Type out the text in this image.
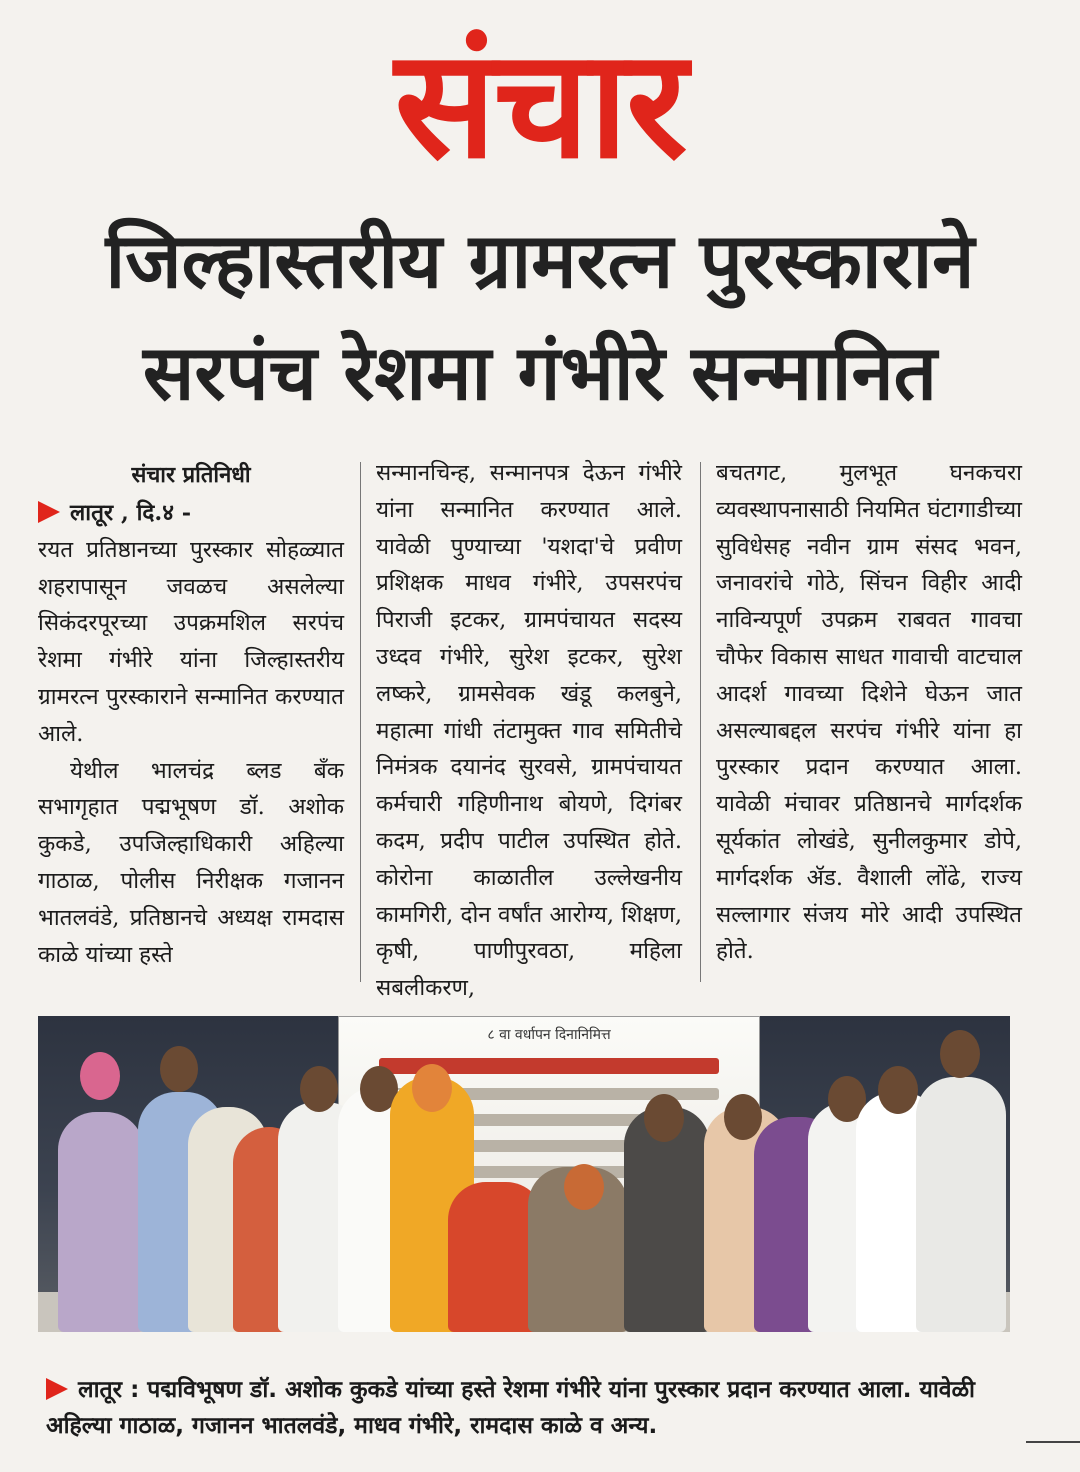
संचार
जिल्हास्तरीय ग्रामरत्न पुरस्काराने
सरपंच रेशमा गंभीरे सन्मानित
संचार प्रतिनिधी

लातूर , दि.४ -

रयत प्रतिष्ठानच्या पुरस्कार सोहळ्यात शहरापासून जवळच असलेल्या सिकंदरपूरच्या उपक्रमशिल सरपंच रेशमा गंभीरे यांना जिल्हास्तरीय ग्रामरत्न पुरस्काराने सन्मानित करण्यात आले.

येथील भालचंद्र ब्लड बँक सभागृहात पद्मभूषण डॉ. अशोक कुकडे, उपजिल्हाधिकारी अहिल्या गाठाळ, पोलीस निरीक्षक गजानन भातलवंडे, प्रतिष्ठानचे अध्यक्ष रामदास काळे यांच्या हस्ते

सन्मानचिन्ह, सन्मानपत्र देऊन गंभीरे यांना सन्मानित करण्यात आले. यावेळी पुण्याच्या 'यशदा'चे प्रवीण प्रशिक्षक माधव गंभीरे, उपसरपंच पिराजी इटकर, ग्रामपंचायत सदस्य उध्दव गंभीरे, सुरेश इटकर, सुरेश लष्करे, ग्रामसेवक खंडू कलबुने, महात्मा गांधी तंटामुक्त गाव समितीचे निमंत्रक दयानंद सुरवसे, ग्रामपंचायत कर्मचारी गहिणीनाथ बोयणे, दिगंबर कदम, प्रदीप पाटील उपस्थित होते. कोरोना काळातील उल्लेखनीय कामगिरी, दोन वर्षांत आरोग्य, शिक्षण, कृषी, पाणीपुरवठा, महिला सबलीकरण,

बचतगट, मुलभूत घनकचरा व्यवस्थापनासाठी नियमित घंटागाडीच्या सुविधेसह नवीन ग्राम संसद भवन, जनावरांचे गोठे, सिंचन विहीर आदी नाविन्यपूर्ण उपक्रम राबवत गावचा चौफेर विकास साधत गावाची वाटचाल आदर्श गावच्या दिशेने घेऊन जात असल्याबद्दल सरपंच गंभीरे यांना हा पुरस्कार प्रदान करण्यात आला. यावेळी मंचावर प्रतिष्ठानचे मार्गदर्शक सूर्यकांत लोखंडे, सुनीलकुमार डोपे, मार्गदर्शक ॲड. वैशाली लोंढे, राज्य सल्लागार संजय मोरे आदी उपस्थित होते.

८ वा वर्धापन दिनानिमित्त
लातूर : पद्मविभूषण डॉ. अशोक कुकडे यांच्या हस्ते रेशमा गंभीरे यांना पुरस्कार प्रदान करण्यात आला. यावेळी अहिल्या गाठाळ, गजानन भातलवंडे, माधव गंभीरे, रामदास काळे व अन्य.
